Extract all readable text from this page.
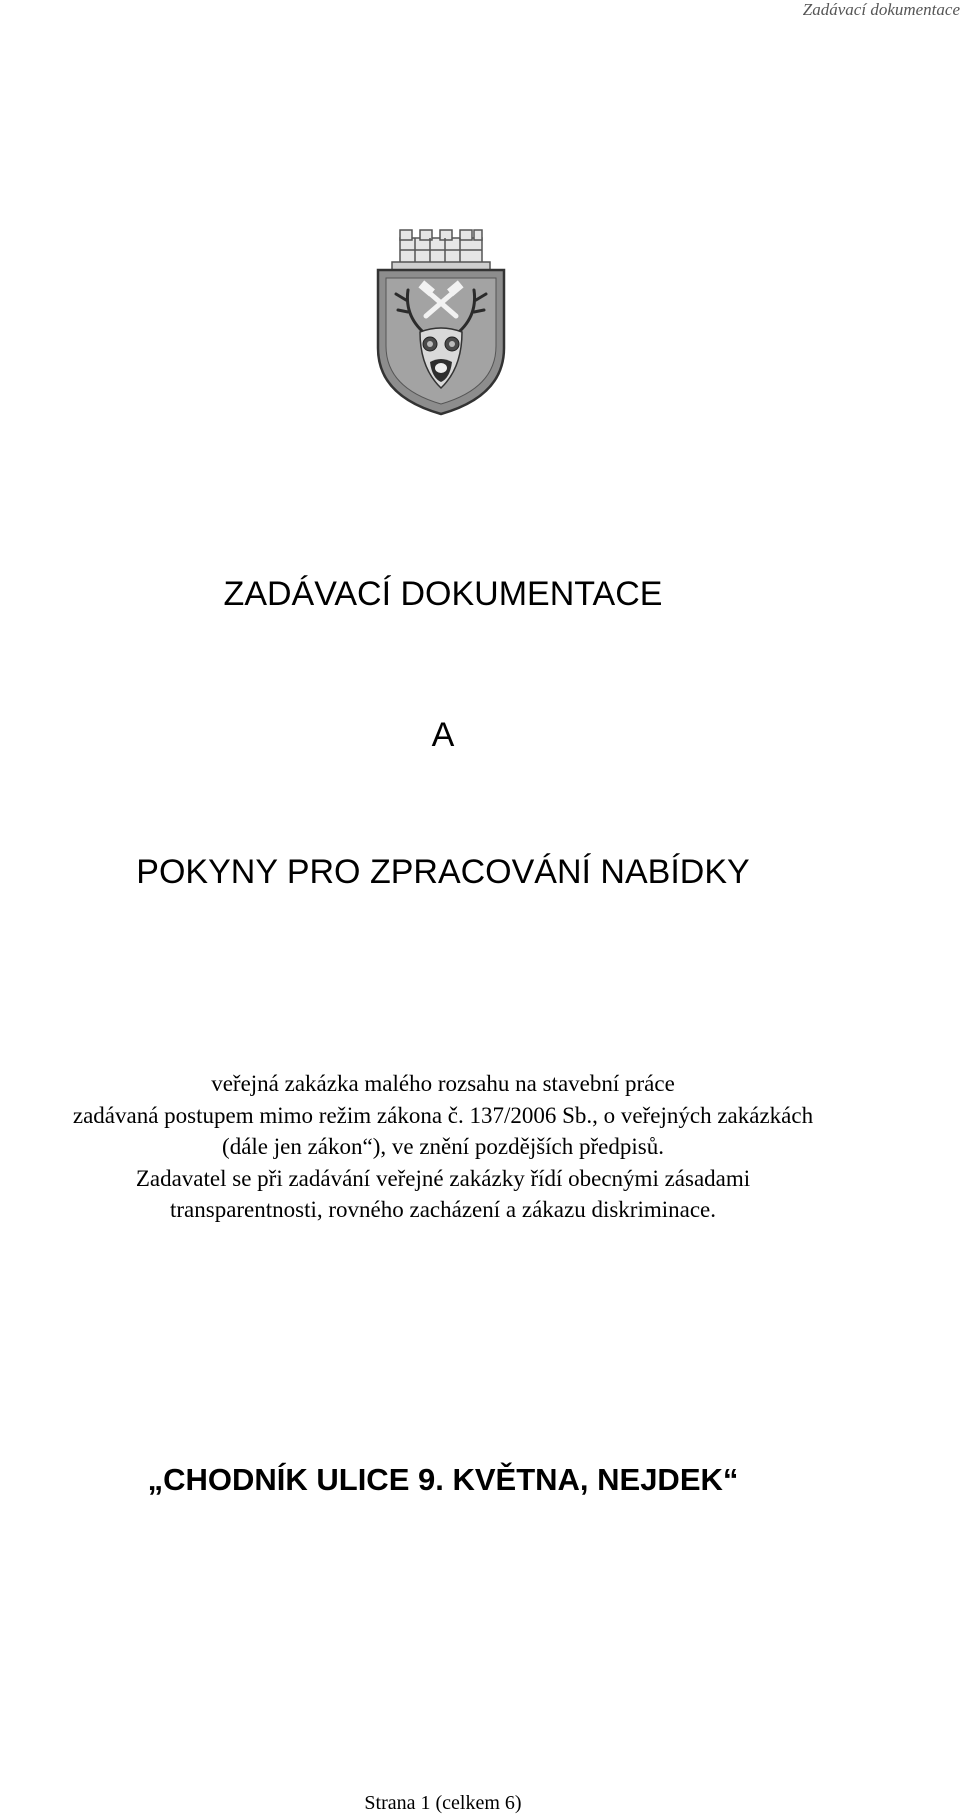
Zadávací dokumentace
ZADÁVACÍ DOKUMENTACE
A
POKYNY PRO ZPRACOVÁNÍ NABÍDKY
veřejná zakázka malého rozsahu na stavební práce
zadávaná postupem mimo režim zákona č. 137/2006 Sb., o veřejných zakázkách
(dále jen zákon“), ve znění pozdějších předpisů.
Zadavatel se při zadávání veřejné zakázky řídí obecnými zásadami
transparentnosti, rovného zacházení a zákazu diskriminace.
„CHODNÍK ULICE 9. KVĚTNA, NEJDEK“
Strana 1 (celkem 6)
